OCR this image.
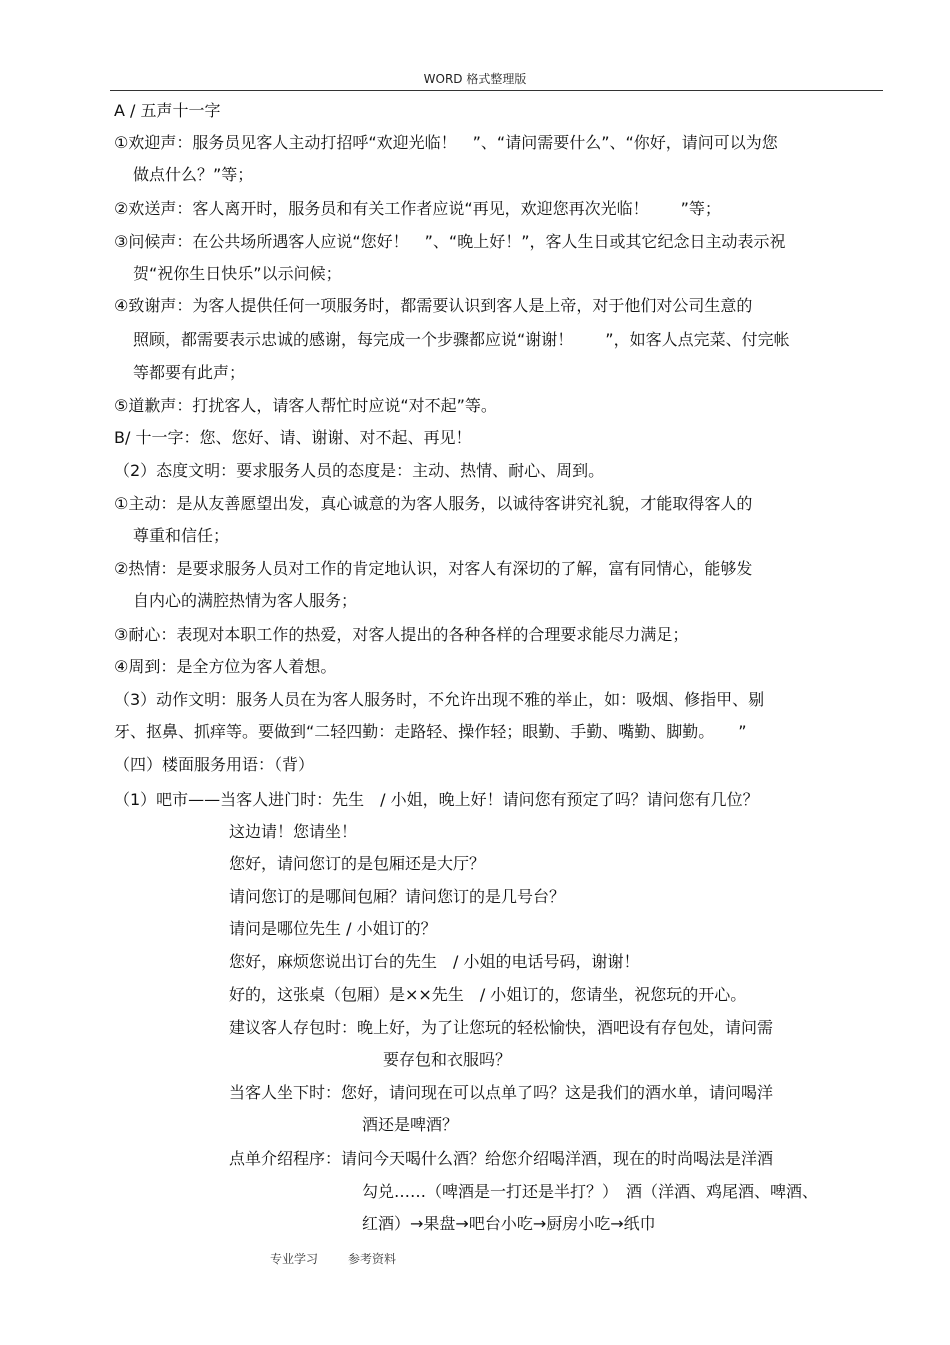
WORD 格式整理版
A / 五声十一字
①欢迎声：服务员见客人主动打招呼“欢迎光临！　”、“请问需要什么”、“你好，请问可以为您
做点什么？”等；
②欢送声：客人离开时，服务员和有关工作者应说“再见，欢迎您再次光临！　　”等；
③问候声：在公共场所遇客人应说“您好！　”、“晚上好！”，客人生日或其它纪念日主动表示祝
贺“祝你生日快乐”以示问候；
④致谢声：为客人提供任何一项服务时，都需要认识到客人是上帝，对于他们对公司生意的
照顾，都需要表示忠诚的感谢，每完成一个步骤都应说“谢谢！　　”，如客人点完菜、付完帐
等都要有此声；
⑤道歉声：打扰客人，请客人帮忙时应说“对不起”等。
B/ 十一字：您、您好、请、谢谢、对不起、再见！
（2）态度文明：要求服务人员的态度是：主动、热情、耐心、周到。
①主动：是从友善愿望出发，真心诚意的为客人服务，以诚待客讲究礼貌，才能取得客人的
尊重和信任；
②热情：是要求服务人员对工作的肯定地认识，对客人有深切的了解，富有同情心，能够发
自内心的满腔热情为客人服务；
③耐心：表现对本职工作的热爱，对客人提出的各种各样的合理要求能尽力满足；
④周到：是全方位为客人着想。
（3）动作文明：服务人员在为客人服务时，不允许出现不雅的举止，如：吸烟、修指甲、剔
牙、抠鼻、抓痒等。要做到“二轻四勤：走路轻、操作轻；眼勤、手勤、嘴勤、脚勤。　　”
（四）楼面服务用语：（背）
（1）吧市——当客人进门时：先生　/ 小姐，晚上好！请问您有预定了吗？请问您有几位？
这边请！您请坐！
您好，请问您订的是包厢还是大厅？
请问您订的是哪间包厢？请问您订的是几号台？
请问是哪位先生 / 小姐订的？
您好，麻烦您说出订台的先生　/ 小姐的电话号码，谢谢！
好的，这张桌（包厢）是××先生　/ 小姐订的，您请坐，祝您玩的开心。
建议客人存包时：晚上好，为了让您玩的轻松愉快，酒吧设有存包处，请问需
要存包和衣服吗？
当客人坐下时：您好，请问现在可以点单了吗？这是我们的酒水单，请问喝洋
酒还是啤酒？
点单介绍程序：请问今天喝什么酒？给您介绍喝洋酒，现在的时尚喝法是洋酒
勾兑……（啤酒是一打还是半打？）　酒（洋酒、鸡尾酒、啤酒、
红酒）→果盘→吧台小吃→厨房小吃→纸巾
专业学习 参考资料
